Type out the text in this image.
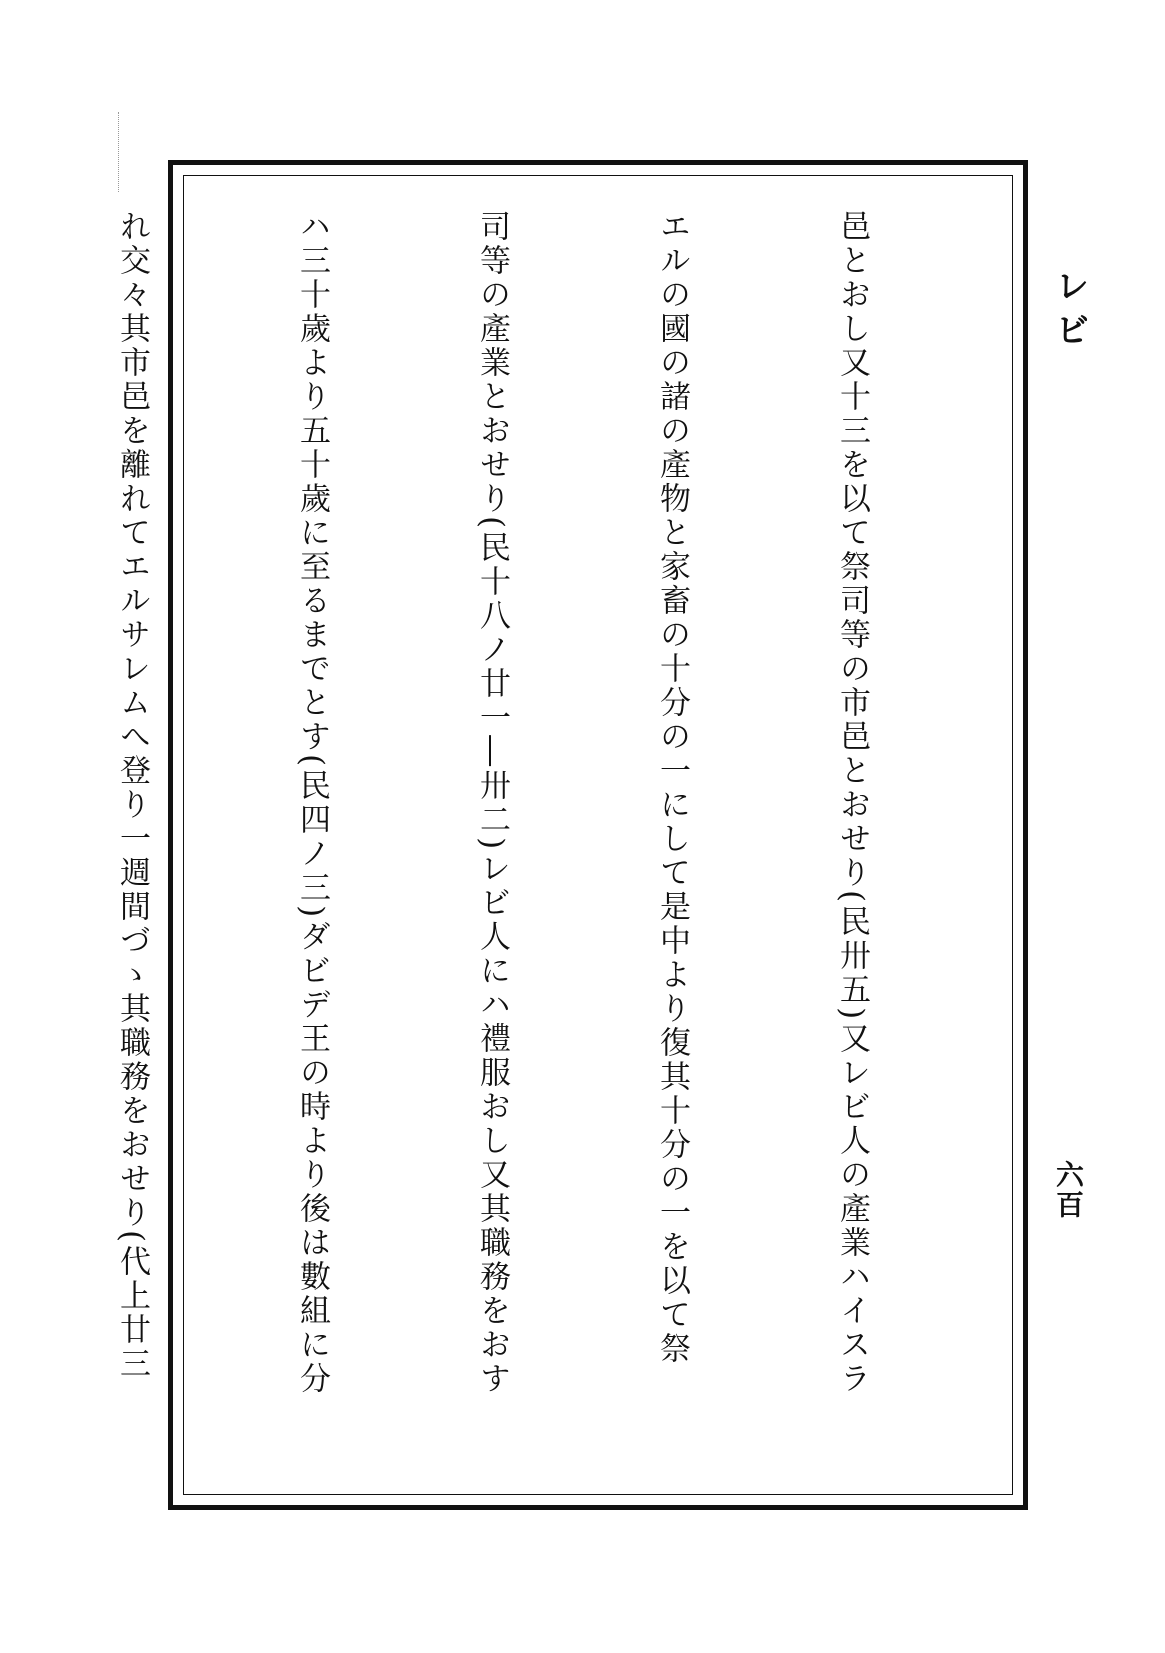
レビ
六百

邑とおし又十三を以て祭司等の市邑とおせり(民卅五)又レビ人の產業ハイスラ

エルの國の諸の產物と家畜の十分の一にして是中より復其十分の一を以て祭

司等の產業とおせり(民十八ノ廿一―卅二)レビ人にハ禮服おし又其職務をおす

ハ三十歲より五十歲に至るまでとす(民四ノ三)ダビデ王の時より後は數組に分

れ交々其市邑を離れてエルサレムへ登り一週間づゝ其職務をおせり(代上廿三
